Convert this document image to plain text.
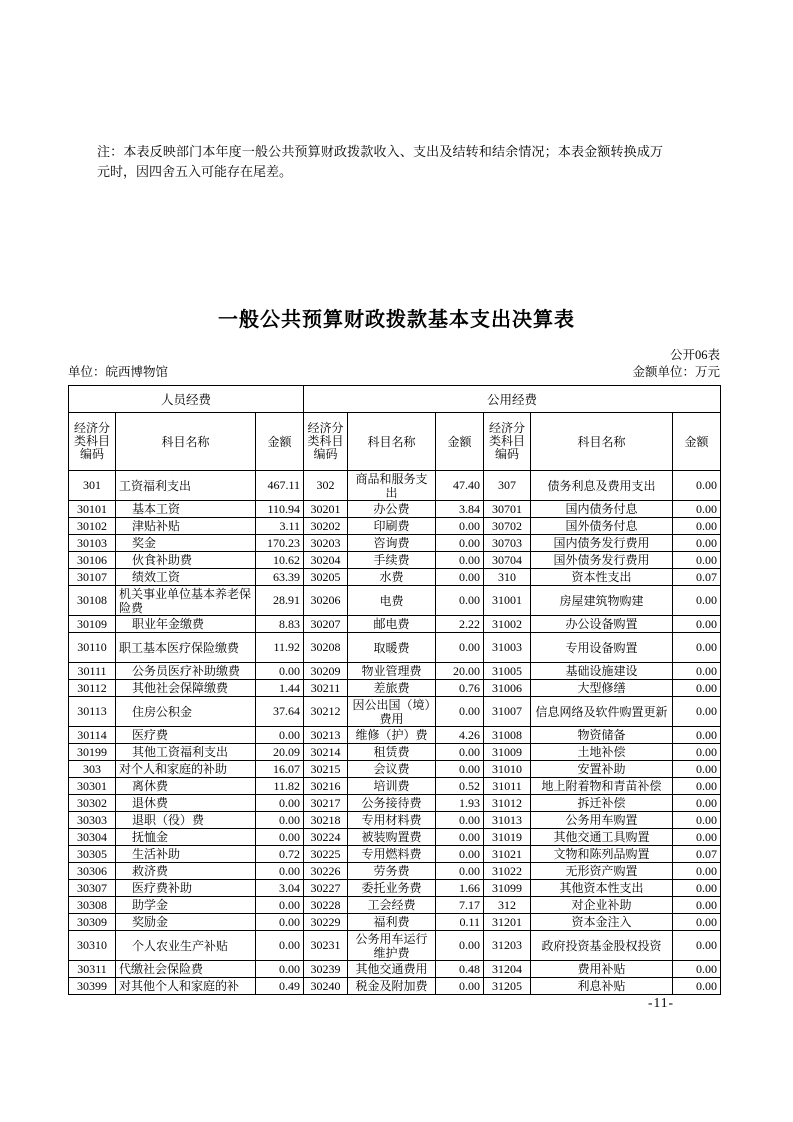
注：本表反映部门本年度一般公共预算财政拨款收入、支出及结转和结余情况；本表金额转换成万元时，因四舍五入可能存在尾差。
一般公共预算财政拨款基本支出决算表
公开06表
单位：皖西博物馆	金额单位：万元
人员经费			公用经费					
经济分类科目编码	科目名称	金额	经济分类科目编码	科目名称	金额	经济分类科目编码	科目名称	金额
301	工资福利支出	467.11	302	商品和服务支出	47.40	307	债务利息及费用支出	0.00
30101	基本工资	110.94	30201	办公费	3.84	30701	国内债务付息	0.00
30102	津贴补贴	3.11	30202	印刷费	0.00	30702	国外债务付息	0.00
30103	奖金	170.23	30203	咨询费	0.00	30703	国内债务发行费用	0.00
30106	伙食补助费	10.62	30204	手续费	0.00	30704	国外债务发行费用	0.00
30107	绩效工资	63.39	30205	水费	0.00	310	资本性支出	0.07
30108	机关事业单位基本养老保险费	28.91	30206	电费	0.00	31001	房屋建筑物购建	0.00
30109	职业年金缴费	8.83	30207	邮电费	2.22	31002	办公设备购置	0.00
30110	职工基本医疗保险缴费	11.92	30208	取暖费	0.00	31003	专用设备购置	0.00
30111	公务员医疗补助缴费	0.00	30209	物业管理费	20.00	31005	基础设施建设	0.00
30112	其他社会保障缴费	1.44	30211	差旅费	0.76	31006	大型修缮	0.00
30113	住房公积金	37.64	30212	因公出国（境）费用	0.00	31007	信息网络及软件购置更新	0.00
30114	医疗费	0.00	30213	维修（护）费	4.26	31008	物资储备	0.00
30199	其他工资福利支出	20.09	30214	租赁费	0.00	31009	土地补偿	0.00
303	对个人和家庭的补助	16.07	30215	会议费	0.00	31010	安置补助	0.00
30301	离休费	11.82	30216	培训费	0.52	31011	地上附着物和青苗补偿	0.00
30302	退休费	0.00	30217	公务接待费	1.93	31012	拆迁补偿	0.00
30303	退职（役）费	0.00	30218	专用材料费	0.00	31013	公务用车购置	0.00
30304	抚恤金	0.00	30224	被装购置费	0.00	31019	其他交通工具购置	0.00
30305	生活补助	0.72	30225	专用燃料费	0.00	31021	文物和陈列品购置	0.07
30306	救济费	0.00	30226	劳务费	0.00	31022	无形资产购置	0.00
30307	医疗费补助	3.04	30227	委托业务费	1.66	31099	其他资本性支出	0.00
30308	助学金	0.00	30228	工会经费	7.17	312	对企业补助	0.00
30309	奖励金	0.00	30229	福利费	0.11	31201	资本金注入	0.00
30310	个人农业生产补贴	0.00	30231	公务用车运行维护费	0.00	31203	政府投资基金股权投资	0.00
30311	代缴社会保险费	0.00	30239	其他交通费用	0.48	31204	费用补贴	0.00
30399	对其他个人和家庭的补	0.49	30240	税金及附加费	0.00	31205	利息补贴	0.00
-11-
